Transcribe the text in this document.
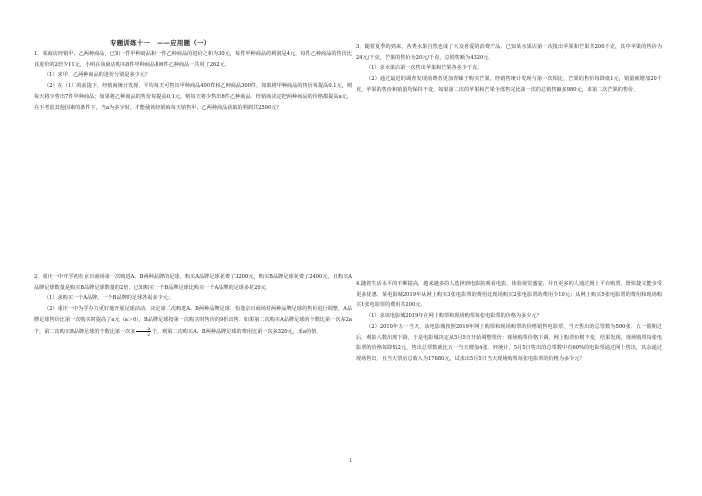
专题训练十一　——应用题（一）

1．某商店经销甲、乙两种商品，已知一件甲种商品和一件乙种商品的进价之和为30元，每件甲种商品的利润是4元，每件乙种商品的售价比其进价的2倍少11元，小明在该商店购买8件甲种商品和6件乙种商品一共用了262元．

（1）求甲、乙两种商品的进价分别是多少元？

（2）在（1）的前提下，经销商统计发现，平均每天可售出甲种商品400件和乙种商品300件，如果将甲种商品的售价每提高0.1元，则每天将少售出7件甲种商品；如果将乙种商品的售价每提高0.1元，则每天将少售出8件乙种商品．经销商决定把两种商品的价格都提高a元，在不考虑其他因素的条件下，当a为多少时，才能使该经销商每天销售甲、乙两种商品获取的利润共2500元？

2．重庆一中开学初在京百商场第一次购进A、B两种品牌的足球，购买A品牌足球花费了3200元，购买B品牌足球花费了2400元，且购买A品牌足球数量是购买B品牌足球数量的2倍，已知购买一个B品牌足球比购买一个A品牌的足球多花20元．

（1）求购买一个A品牌、一个B品牌的足球各需多少元；

（2）重庆一中为学办力更好地开展足球活动，决定第二次购进A、B两种品牌足球．恰逢京百商场对两种品牌足球的售价进行调整，A品牌足球售价比第一次购买时提高了a元（a＞0），B品牌足球按第一次购买时售价的9折出售．如果第二次购买A品牌足球的个数比第一次多2a个，第二次购买B品牌足球的个数比第一次多 $\frac{a}{2}$ 个，则第二次购买A、B两种品牌足球的费用比第一次多320元，求a的值．

3．随着夏季的到来，各类水果自然也成了大众喜爱的消费产品．已知某水果店第一次批出苹果和芒果共200千克，其中苹果的售价为24元/千克，芒果的售价为20元/千克，总销售额为4320元．

（1）求水果店第一次售出苹果和芒果各多少千克；

（2）通过最近的调查发现消费者更加青睐于购买芒果，经销售统计发现与第一次相比，芒果的售价每降低1元，销量就增加20千克，苹果的售价和销量均保持不变．如果第二次的苹果和芒果全部售完比第一次的总销售额多980元，求第二次芒果的售价．

4.随着生活水平的不断提高，越来越多的人选择到电影院观看电影，体验视觉盛宴，并且更多的人通过网上平台购票，既快捷又能享受更多优惠．某电影城2019年从网上购买3张电影票的费用比现场购买2张电影票的费用少10元；从网上购买5张电影票的费用和现场购买1张电影票的费用共200元．

（1）求该电影城2019年在网上购票和现场购票每张电影票的价格为多少元？

（2）2019年五一当天，该电影城按照2019年网上购票和现场购票的价格销售电影票，当天售出的总票数为500张．五一假期过后，观影人数出现下降，于是电影城决定从5月5日开始调整票价：现场购票价格下调，网上购票价格不变．结果发现，现场购票每张电影票的价格每降低2元，售出总票数就比五一当天增加4张．经统计，5月5日售出的总票数中有60%的电影票通过网上售出，其余通过现场售出，且当天票房总收入为17680元，试求出5月5日当天现场购票每张电影票的价格为多少元？

1
